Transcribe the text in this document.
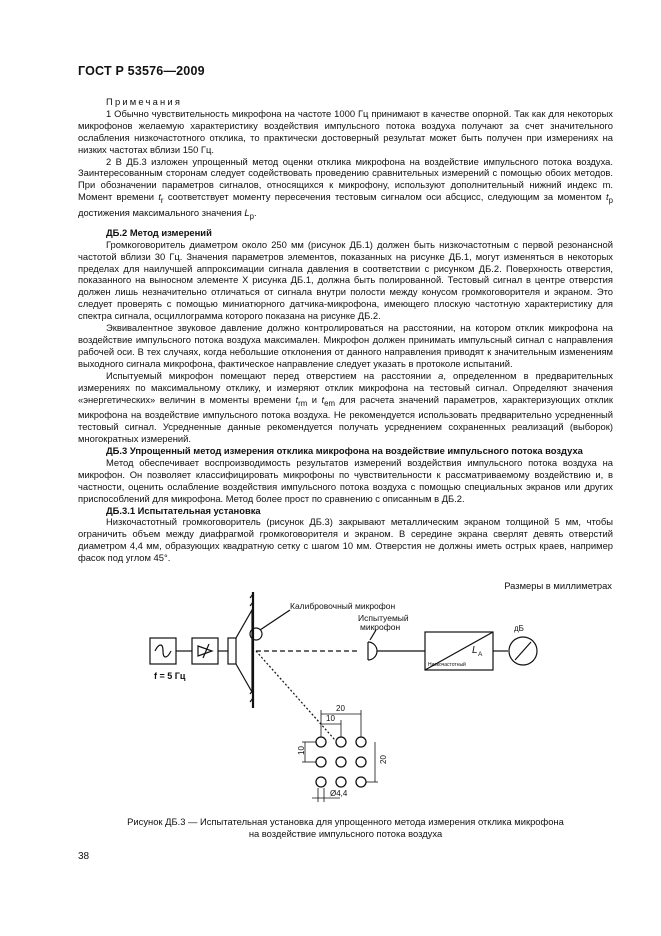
ГОСТ Р 53576—2009

Примечания

1 Обычно чувствительность микрофона на частоте 1000 Гц принимают в качестве опорной. Так как для некоторых микрофонов желаемую характеристику воздействия импульсного потока воздуха получают за счет значительного ослабления низкочастотного отклика, то практически достоверный результат может быть получен при измерениях на низких частотах вблизи 150 Гц.

2 В ДБ.3 изложен упрощенный метод оценки отклика микрофона на воздействие импульсного потока воздуха. Заинтересованным сторонам следует содействовать проведению сравнительных измерений с помощью обоих методов. При обозначении параметров сигналов, относящихся к микрофону, используют дополнительный нижний индекс m. Момент времени $t_r$ соответствует моменту пересечения тестовым сигналом оси абсцисс, следующим за моментом $t_p$ достижения максимального значения $L_p$.

ДБ.2 Метод измерений

Громкоговоритель диаметром около 250 мм (рисунок ДБ.1) должен быть низкочастотным с первой резонансной частотой вблизи 30 Гц. Значения параметров элементов, показанных на рисунке ДБ.1, могут изменяться в некоторых пределах для наилучшей аппроксимации сигнала давления в соответствии с рисунком ДБ.2. Поверхность отверстия, показанного на выносном элементе X рисунка ДБ.1, должна быть полированной. Тестовый сигнал в центре отверстия должен лишь незначительно отличаться от сигнала внутри полости между конусом громкоговорителя и экраном. Это следует проверять с помощью миниатюрного датчика-микрофона, имеющего плоскую частотную характеристику для спектра сигнала, осциллограмма которого показана на рисунке ДБ.2.

Эквивалентное звуковое давление должно контролироваться на расстоянии, на котором отклик микрофона на воздействие импульсного потока воздуха максимален. Микрофон должен принимать импульсный сигнал с направления рабочей оси. В тех случаях, когда небольшие отклонения от данного направления приводят к значительным изменениям выходного сигнала микрофона, фактическое направление следует указать в протоколе испытаний.

Испытуемый микрофон помещают перед отверстием на расстоянии a, определенном в предварительных измерениях по максимальному отклику, и измеряют отклик микрофона на тестовый сигнал. Определяют значения «энергетических» величин в моменты времени $t_{rm}$ и $t_{em}$ для расчета значений параметров, характеризующих отклик микрофона на воздействие импульсного потока воздуха. Не рекомендуется использовать предварительно усредненный тестовый сигнал. Усредненные данные рекомендуется получать усреднением сохраненных реализаций (выборок) многократных измерений.

ДБ.3 Упрощенный метод измерения отклика микрофона на воздействие импульсного потока воздуха

Метод обеспечивает воспроизводимость результатов измерений воздействия импульсного потока воздуха на микрофон. Он позволяет классифицировать микрофоны по чувствительности к рассматриваемому воздействию и, в частности, оценить ослабление воздействия импульсного потока воздуха с помощью специальных экранов или других приспособлений для микрофона. Метод более прост по сравнению с описанным в ДБ.2.

ДБ.3.1 Испытательная установка

Низкочастотный громкоговоритель (рисунок ДБ.3) закрывают металлическим экраном толщиной 5 мм, чтобы ограничить объем между диафрагмой громкоговорителя и экраном. В середине экрана сверлят девять отверстий диаметром 4,4 мм, образующих квадратную сетку с шагом 10 мм. Отверстия не должны иметь острых краев, например фасок под углом 45°.

Размеры в миллиметрах
Калибровочный микрофон
Испытуемый
микрофон
f = 5 Гц
Низкочастотный
L A
дБ
20
10
10
20
Ø4,4
Рисунок ДБ.3 — Испытательная установка для упрощенного метода измерения отклика микрофона
на воздействие импульсного потока воздуха
38
